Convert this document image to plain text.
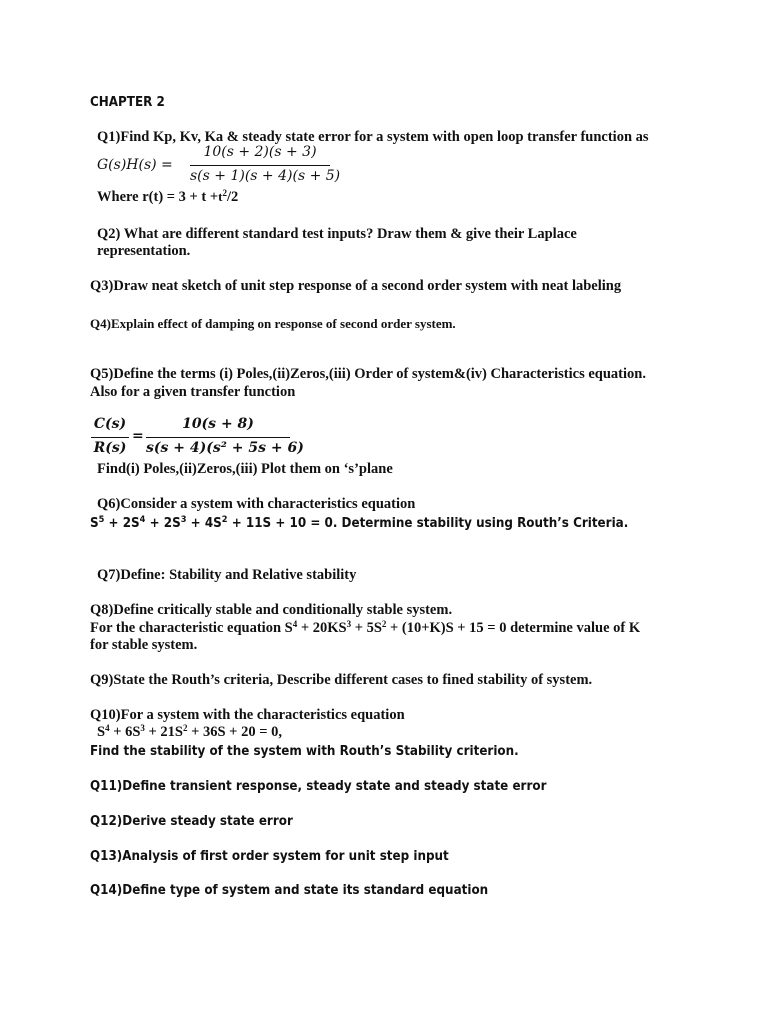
CHAPTER 2
Q1)Find Kp, Kv, Ka & steady state error for a system with open loop transfer function as
G(s)H(s) =
10(s + 2)(s + 3)
s(s + 1)(s + 4)(s + 5)
Where $r(t) = 3 + t +t^2/2$
Q2) What are different standard test inputs? Draw them & give their Laplace
representation.
Q3)Draw neat sketch of unit step response of a second order system with neat labeling
Q4)Explain effect of damping on response of second order system.
Q5)Define the terms (i) Poles,(ii)Zeros,(iii) Order of system&(iv) Characteristics equation.
Also for a given transfer function
C(s)
R(s)
=
10(s + 8)
s(s + 4)(s² + 5s + 6)
Find(i) Poles,(ii)Zeros,(iii) Plot them on ‘s’plane
Q6)Consider a system with characteristics equation
$S^5 + 2S^4 + 2S^3 + 4S^2 + 11S + 10 = 0$. Determine stability using Routh’s Criteria.
Q7)Define: Stability and Relative stability
Q8)Define critically stable and conditionally stable system.
For the characteristic equation $S^4 + 20KS^3 + 5S^2 + (10+K)S + 15 = 0$ determine value of K
for stable system.
Q9)State the Routh’s criteria, Describe different cases to fined stability of system.
Q10)For a system with the characteristics equation
$S^4 + 6S^3 + 21S^2 + 36S + 20 = 0$,
Find the stability of the system with Routh’s Stability criterion.
Q11)Define transient response, steady state and steady state error
Q12)Derive steady state error
Q13)Analysis of first order system for unit step input
Q14)Define type of system and state its standard equation
